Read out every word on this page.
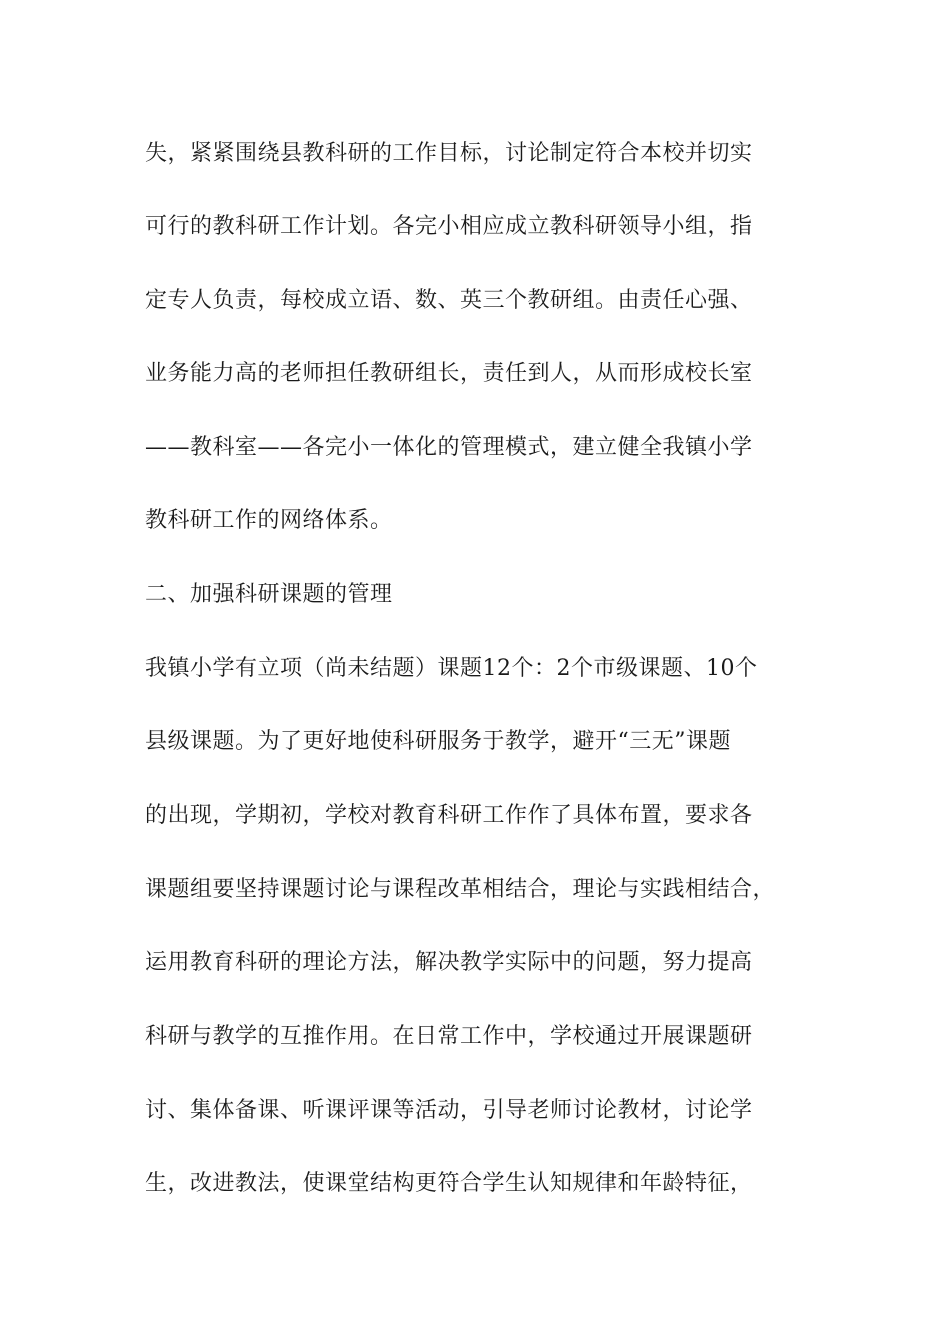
失，紧紧围绕县教科研的工作目标，讨论制定符合本校并切实
可行的教科研工作计划。各完小相应成立教科研领导小组，指
定专人负责，每校成立语、数、英三个教研组。由责任心强、
业务能力高的老师担任教研组长，责任到人，从而形成校长室
——教科室——各完小一体化的管理模式，建立健全我镇小学
教科研工作的网络体系。
二、加强科研课题的管理
我镇小学有立项（尚未结题）课题12个：2个市级课题、10个
县级课题。为了更好地使科研服务于教学，避开“三无”课题
的出现，学期初，学校对教育科研工作作了具体布置，要求各
课题组要坚持课题讨论与课程改革相结合，理论与实践相结合，
运用教育科研的理论方法，解决教学实际中的问题，努力提高
科研与教学的互推作用。在日常工作中，学校通过开展课题研
讨、集体备课、听课评课等活动，引导老师讨论教材，讨论学
生，改进教法，使课堂结构更符合学生认知规律和年龄特征，
